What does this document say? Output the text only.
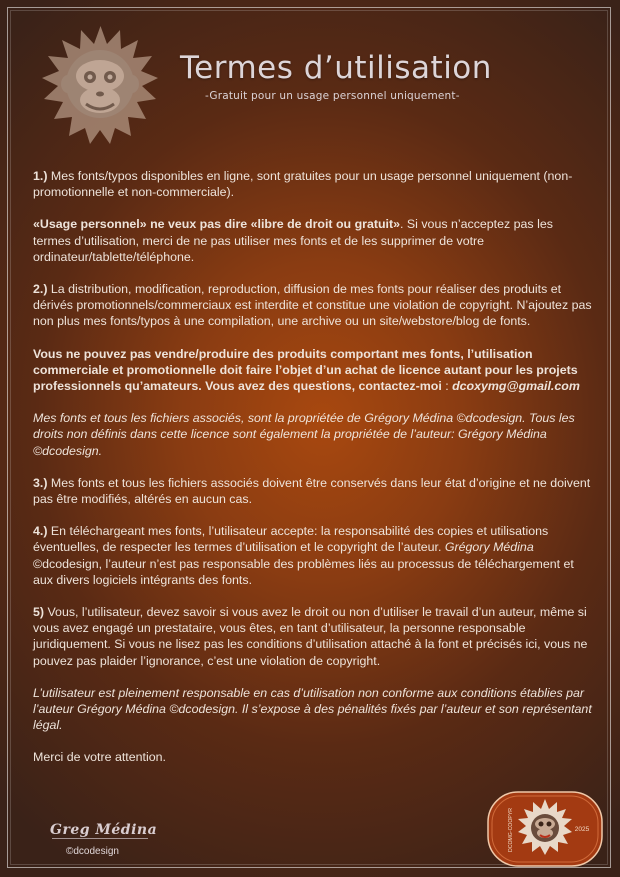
Termes d’utilisation
-Gratuit pour un usage personnel uniquement-

1.) Mes fonts/typos disponibles en ligne, sont gratuites pour un usage personnel uniquement (non-promotionnelle et non-commerciale).

«Usage personnel» ne veux pas dire «libre de droit ou gratuit». Si vous n’acceptez pas les termes d’utilisation, merci de ne pas utiliser mes fonts et de les supprimer de votre ordinateur/tablette/téléphone.

2.) La distribution, modification, reproduction, diffusion de mes fonts pour réaliser des produits et dérivés promotionnels/commerciaux est interdite et constitue une violation de copyright. N’ajoutez pas non plus mes fonts/typos à une compilation, une archive ou un site/webstore/blog de fonts.

Vous ne pouvez pas vendre/produire des produits comportant mes fonts, l’utilisation commerciale et promotionnelle doit faire l’objet d’un achat de licence autant pour les projets professionnels qu’amateurs. Vous avez des questions, contactez-moi : dcoxymg@gmail.com

Mes fonts et tous les fichiers associés, sont la propriétée de Grégory Médina ©dcodesign. Tous les droits non définis dans cette licence sont également la propriétée de l’auteur: Grégory Médina ©dcodesign.

3.) Mes fonts et tous les fichiers associés doivent être conservés dans leur état d’origine et ne doivent pas être modifiés, altérés en aucun cas.

4.) En téléchargeant mes fonts, l’utilisateur accepte: la responsabilité des copies et utilisations éventuelles, de respecter les termes d’utilisation et le copyright de l’auteur. Grégory Médina ©dcodesign, l’auteur n’est pas responsable des problèmes liés au processus de téléchargement et aux divers logiciels intégrants des fonts.

5) Vous, l’utilisateur, devez savoir si vous avez le droit ou non d’utiliser le travail d’un auteur, même si vous avez engagé un prestataire, vous êtes, en tant d’utilisateur, la personne responsable juridiquement. Si vous ne lisez pas les conditions d’utilisation attaché à la font et précisés ici, vous ne pouvez pas plaider l’ignorance, c’est une violation de copyright.

L’utilisateur est pleinement responsable en cas d’utilisation non conforme aux conditions établies par l’auteur Grégory Médina ©dcodesign. Il s’expose à des pénalités fixés par l’auteur et son représentant légal.

Merci de votre attention.

Greg Médina
©dcodesign	DCOMG-COOPYR	2025
